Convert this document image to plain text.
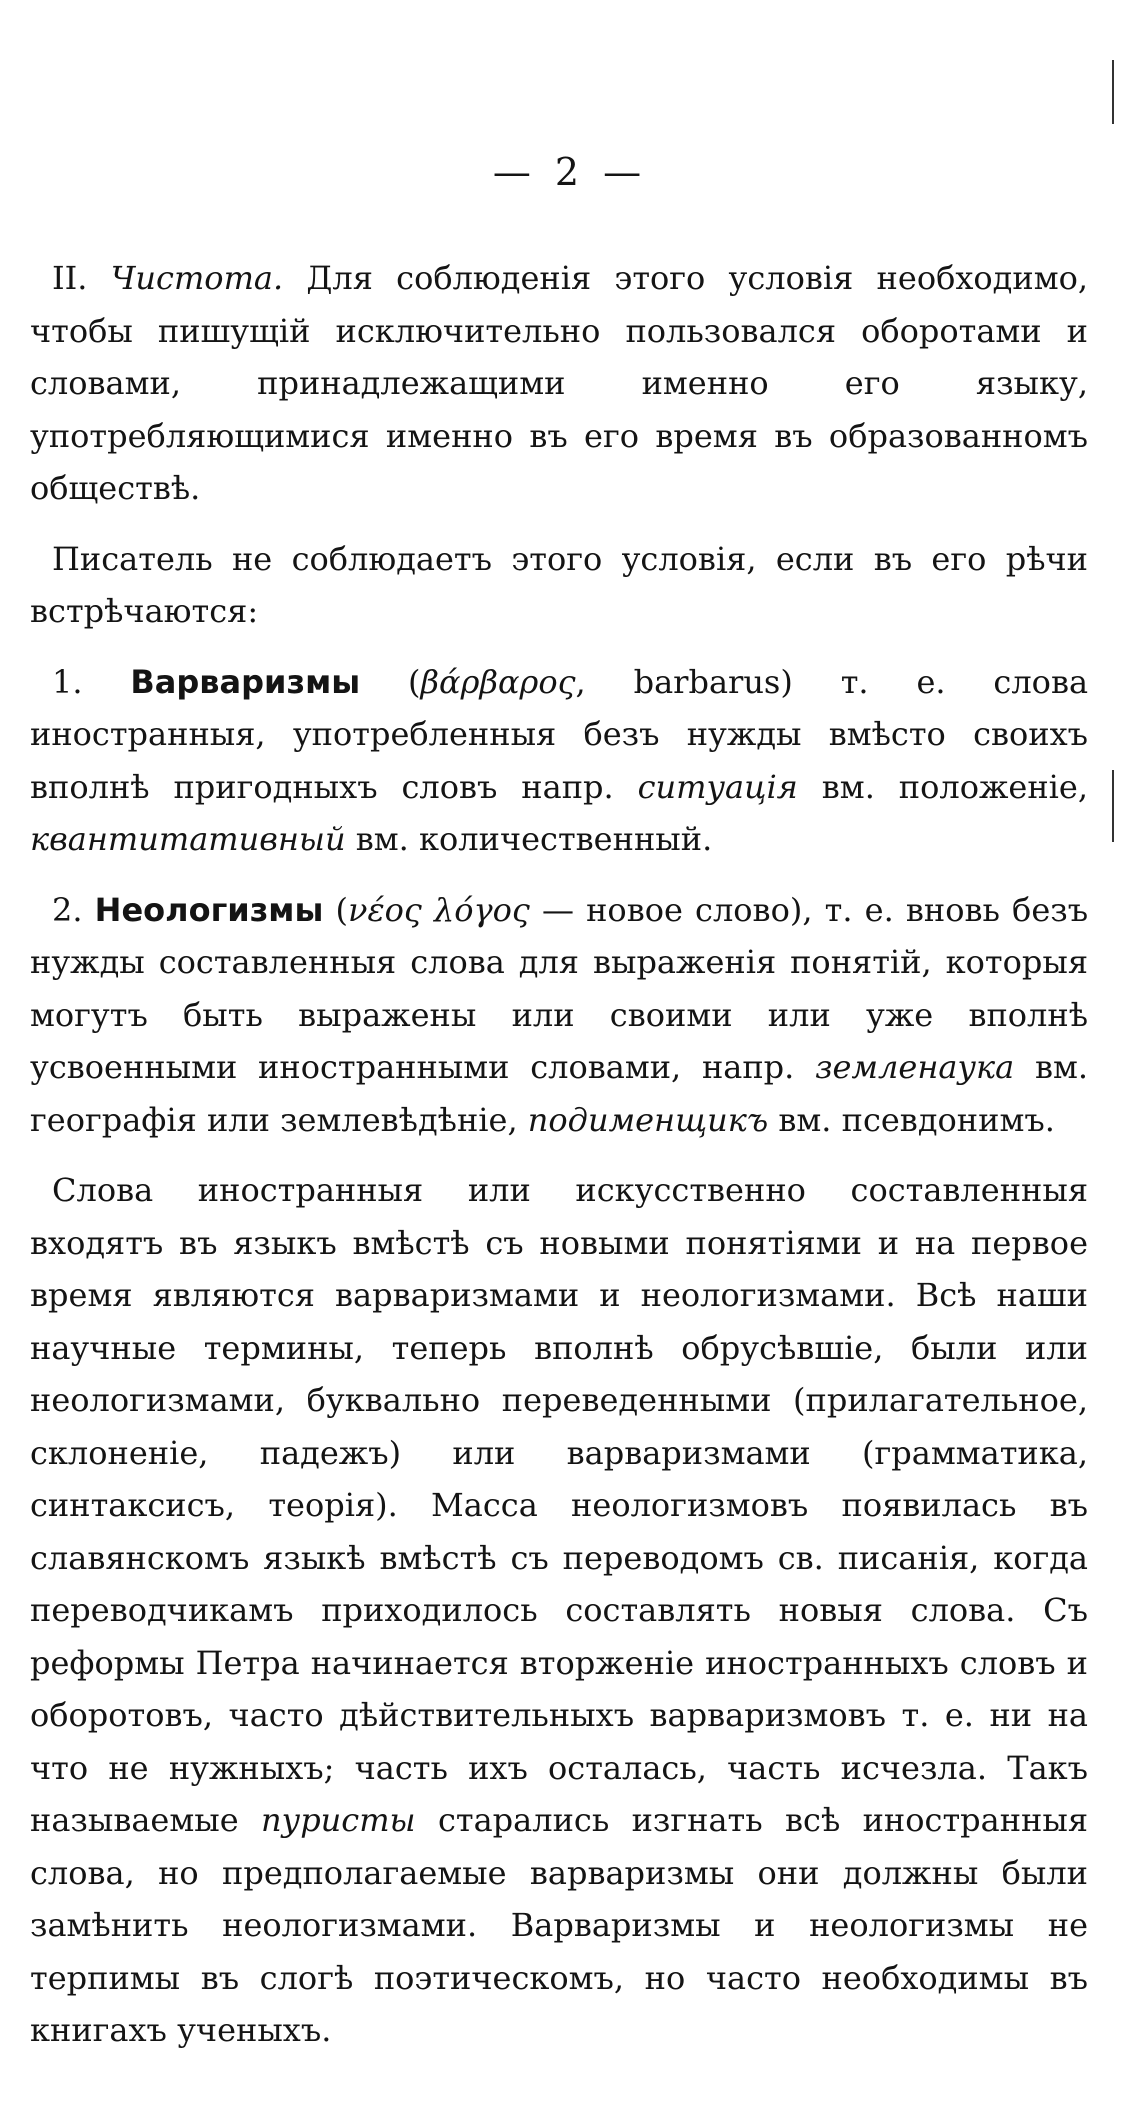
— 2 —

II. Чистота. Для соблюденія этого условія необходимо, чтобы пишущій исключительно пользовался оборотами и словами, принадлежащими именно его языку, употребляющимися именно въ его время въ образованномъ обществѣ.

Писатель не соблюдаетъ этого условія, если въ его рѣчи встрѣчаются:

1. Варваризмы (βάρβαρος, barbarus) т. е. слова иностранныя, употребленныя безъ нужды вмѣсто своихъ вполнѣ пригодныхъ словъ напр. ситуація вм. положеніе, квантитативный вм. количественный.

2. Неологизмы (νέος λόγος — новое слово), т. е. вновь безъ нужды составленныя слова для выраженія понятій, которыя могутъ быть выражены или своими или уже вполнѣ усвоенными иностранными словами, напр. земленаука вм. географія или землевѣдѣніе, подименщикъ вм. псевдонимъ.

Слова иностранныя или искусственно составленныя входятъ въ языкъ вмѣстѣ съ новыми понятіями и на первое время являются варваризмами и неологизмами. Всѣ наши научные термины, теперь вполнѣ обрусѣвшіе, были или неологизмами, буквально переведенными (прилагательное, склоненіе, падежъ) или варваризмами (грамматика, синтаксисъ, теорія). Масса неологизмовъ появилась въ славянскомъ языкѣ вмѣстѣ съ переводомъ св. писанія, когда переводчикамъ приходилось составлять новыя слова. Съ реформы Петра начинается вторженіе иностранныхъ словъ и оборотовъ, часто дѣйствительныхъ варваризмовъ т. е. ни на что не нужныхъ; часть ихъ осталась, часть исчезла. Такъ называемые пуристы старались изгнать всѣ иностранныя слова, но предполагаемые варваризмы они должны были замѣнить неологизмами. Варваризмы и неологизмы не терпимы въ слогѣ поэтическомъ, но часто необходимы въ книгахъ ученыхъ.
